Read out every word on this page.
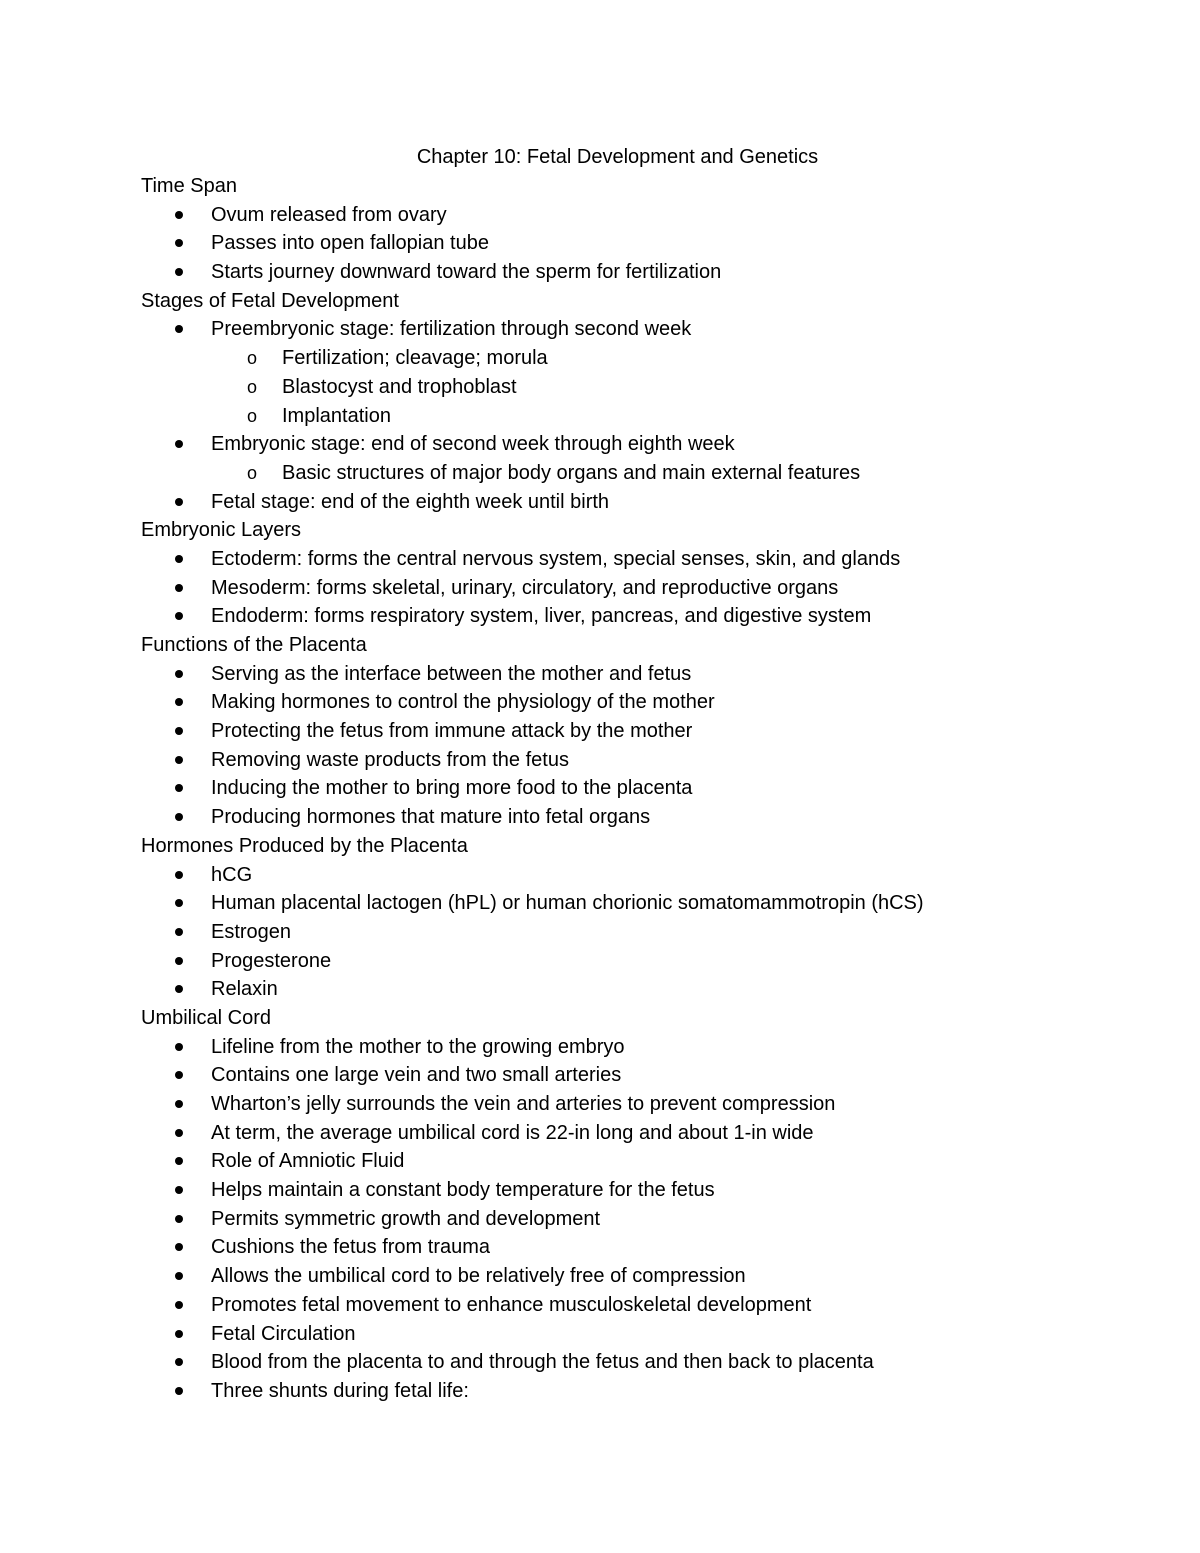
Chapter 10: Fetal Development and Genetics
Time Span
Ovum released from ovary
Passes into open fallopian tube
Starts journey downward toward the sperm for fertilization
Stages of Fetal Development
Preembryonic stage: fertilization through second week
o Fertilization; cleavage; morula
o Blastocyst and trophoblast
o Implantation
Embryonic stage: end of second week through eighth week
o Basic structures of major body organs and main external features
Fetal stage: end of the eighth week until birth
Embryonic Layers
Ectoderm: forms the central nervous system, special senses, skin, and glands
Mesoderm: forms skeletal, urinary, circulatory, and reproductive organs
Endoderm: forms respiratory system, liver, pancreas, and digestive system
Functions of the Placenta
Serving as the interface between the mother and fetus
Making hormones to control the physiology of the mother
Protecting the fetus from immune attack by the mother
Removing waste products from the fetus
Inducing the mother to bring more food to the placenta
Producing hormones that mature into fetal organs
Hormones Produced by the Placenta
hCG
Human placental lactogen (hPL) or human chorionic somatomammotropin (hCS)
Estrogen
Progesterone
Relaxin
Umbilical Cord
Lifeline from the mother to the growing embryo
Contains one large vein and two small arteries
Wharton’s jelly surrounds the vein and arteries to prevent compression
At term, the average umbilical cord is 22-in long and about 1-in wide
Role of Amniotic Fluid
Helps maintain a constant body temperature for the fetus
Permits symmetric growth and development
Cushions the fetus from trauma
Allows the umbilical cord to be relatively free of compression
Promotes fetal movement to enhance musculoskeletal development
Fetal Circulation
Blood from the placenta to and through the fetus and then back to placenta
Three shunts during fetal life:
